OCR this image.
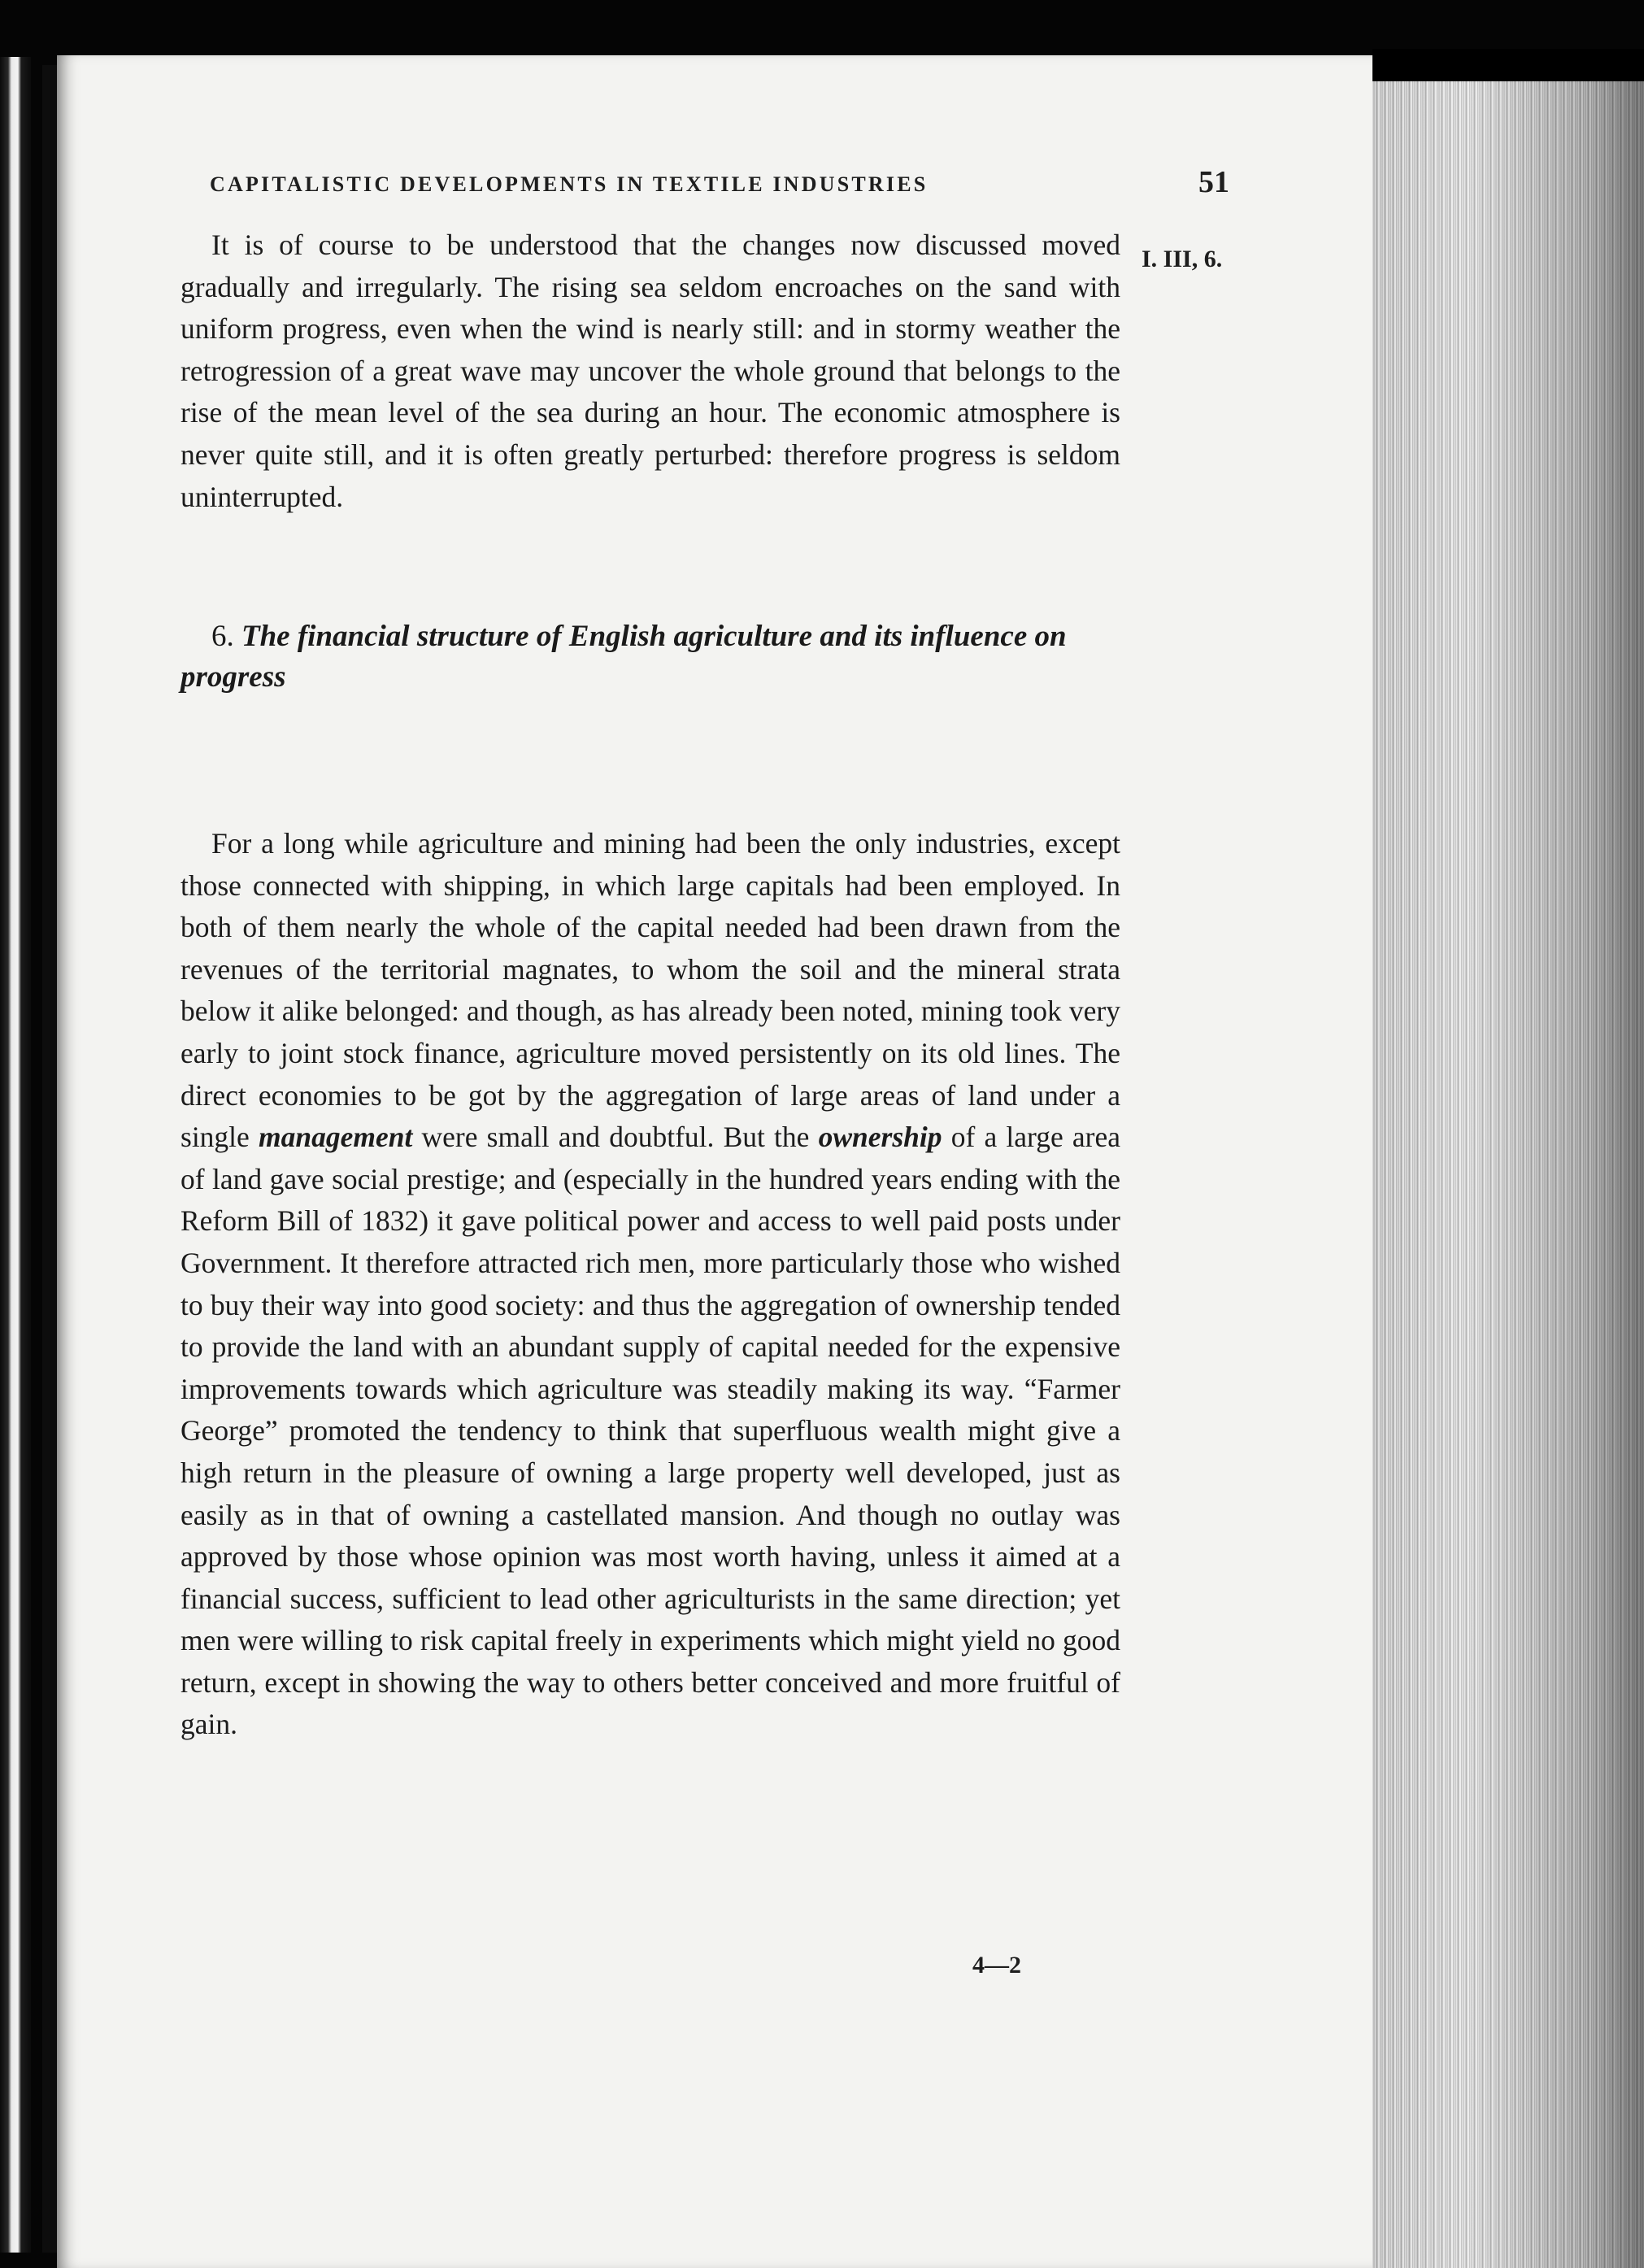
CAPITALISTIC DEVELOPMENTS IN TEXTILE INDUSTRIES	51
I. III, 6.

It is of course to be understood that the changes now discussed moved gradually and irregularly. The rising sea seldom encroaches on the sand with uniform progress, even when the wind is nearly still: and in stormy weather the retrogression of a great wave may uncover the whole ground that belongs to the rise of the mean level of the sea during an hour. The economic atmosphere is never quite still, and it is often greatly perturbed: therefore progress is seldom uninterrupted.

6. The financial structure of English agriculture and its influence on progress

For a long while agriculture and mining had been the only industries, except those connected with shipping, in which large capitals had been employed. In both of them nearly the whole of the capital needed had been drawn from the revenues of the territorial magnates, to whom the soil and the mineral strata below it alike belonged: and though, as has already been noted, mining took very early to joint stock finance, agriculture moved persistently on its old lines. The direct economies to be got by the aggregation of large areas of land under a single management were small and doubtful. But the ownership of a large area of land gave social prestige; and (especially in the hundred years ending with the Reform Bill of 1832) it gave political power and access to well paid posts under Government. It therefore attracted rich men, more particularly those who wished to buy their way into good society: and thus the aggregation of ownership tended to provide the land with an abundant supply of capital needed for the expensive improvements towards which agriculture was steadily making its way. “Farmer George” promoted the tendency to think that superfluous wealth might give a high return in the pleasure of owning a large property well developed, just as easily as in that of owning a castellated mansion. And though no outlay was approved by those whose opinion was most worth having, unless it aimed at a financial success, sufficient to lead other agriculturists in the same direction; yet men were willing to risk capital freely in experiments which might yield no good return, except in showing the way to others better conceived and more fruitful of gain.

4—2
